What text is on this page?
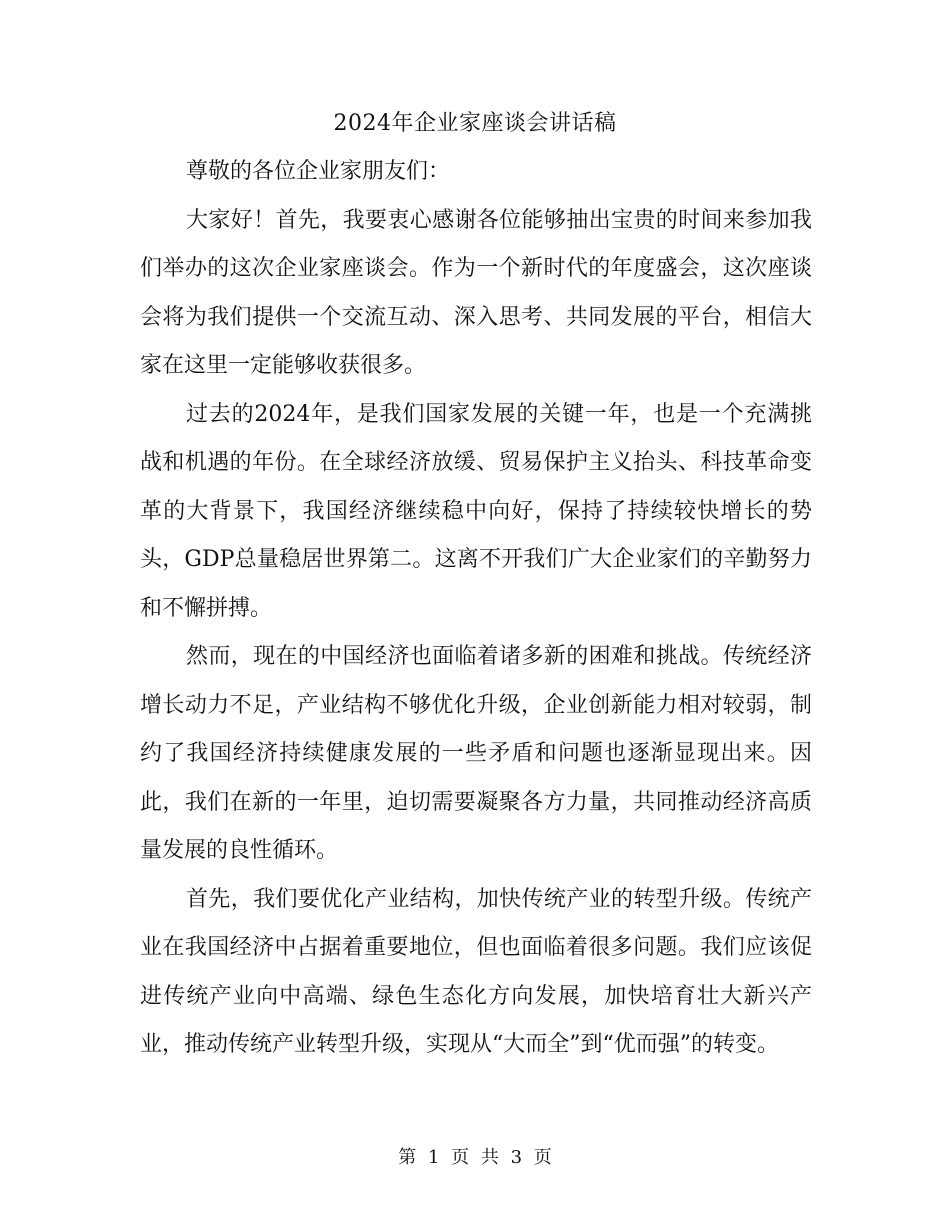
2024年企业家座谈会讲话稿

尊敬的各位企业家朋友们：

大家好！首先，我要衷心感谢各位能够抽出宝贵的时间来参加我们举办的这次企业家座谈会。作为一个新时代的年度盛会，这次座谈会将为我们提供一个交流互动、深入思考、共同发展的平台，相信大家在这里一定能够收获很多。

过去的2024年，是我们国家发展的关键一年，也是一个充满挑战和机遇的年份。在全球经济放缓、贸易保护主义抬头、科技革命变革的大背景下，我国经济继续稳中向好，保持了持续较快增长的势头，GDP总量稳居世界第二。这离不开我们广大企业家们的辛勤努力和不懈拼搏。

然而，现在的中国经济也面临着诸多新的困难和挑战。传统经济增长动力不足，产业结构不够优化升级，企业创新能力相对较弱，制约了我国经济持续健康发展的一些矛盾和问题也逐渐显现出来。因此，我们在新的一年里，迫切需要凝聚各方力量，共同推动经济高质量发展的良性循环。

首先，我们要优化产业结构，加快传统产业的转型升级。传统产业在我国经济中占据着重要地位，但也面临着很多问题。我们应该促进传统产业向中高端、绿色生态化方向发展，加快培育壮大新兴产业，推动传统产业转型升级，实现从“大而全”到“优而强”的转变。

第 1 页 共 3 页
